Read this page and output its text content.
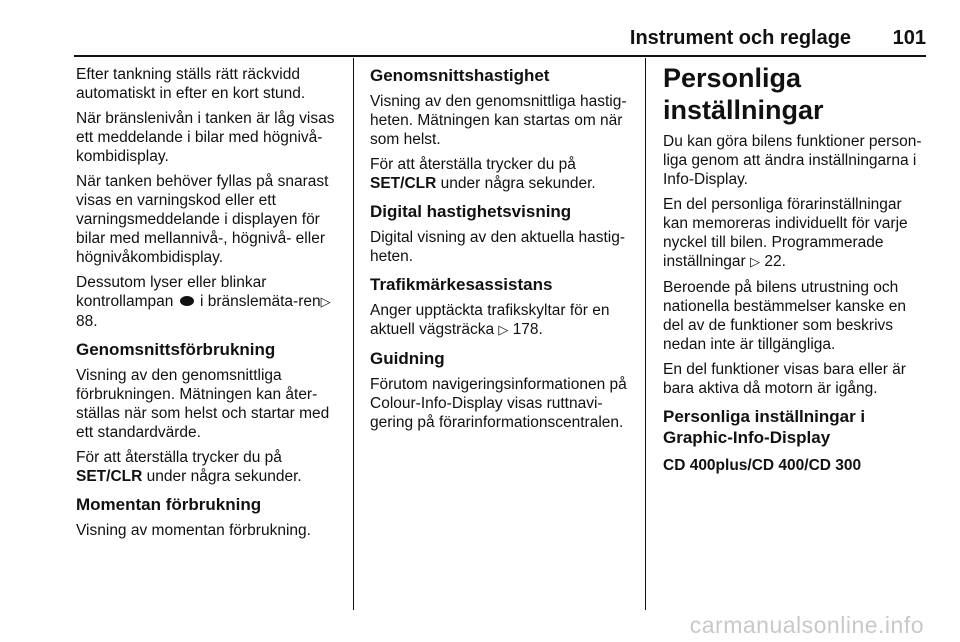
Instrument och reglage 101

Efter tankning ställs rätt räckvidd automatiskt in efter en kort stund.

När bränslenivån i tanken är låg visas ett meddelande i bilar med högnivå-kombidisplay.

När tanken behöver fyllas på snarast visas en varningskod eller ett varningsmeddelande i displayen för bilar med mellannivå-, högnivå- eller högnivåkombidisplay.

Dessutom lyser eller blinkar kontrollampan i bränslemäta-ren▷ 88.

Genomsnittsförbrukning

Visning av den genomsnittliga förbrukningen. Mätningen kan åter-ställas när som helst och startar med ett standardvärde.

För att återställa trycker du på
SET/CLR under några sekunder.

Momentan förbrukning

Visning av momentan förbrukning.

Genomsnittshastighet

Visning av den genomsnittliga hastig-heten. Mätningen kan startas om när som helst.

För att återställa trycker du på
SET/CLR under några sekunder.

Digital hastighetsvisning

Digital visning av den aktuella hastig-heten.

Trafikmärkesassistans

Anger upptäckta trafikskyltar för en aktuell vägsträcka ▷ 178.

Guidning

Förutom navigeringsinformationen på Colour-Info-Display visas ruttnavi-gering på förarinformationscentralen.

Personliga inställningar

Du kan göra bilens funktioner person-liga genom att ändra inställningarna i Info-Display.

En del personliga förarinställningar kan memoreras individuellt för varje nyckel till bilen. Programmerade inställningar ▷ 22.

Beroende på bilens utrustning och nationella bestämmelser kanske en del av de funktioner som beskrivs nedan inte är tillgängliga.

En del funktioner visas bara eller är bara aktiva då motorn är igång.

Personliga inställningar i Graphic-Info-Display
CD 400plus/CD 400/CD 300
carmanualsonline.info
